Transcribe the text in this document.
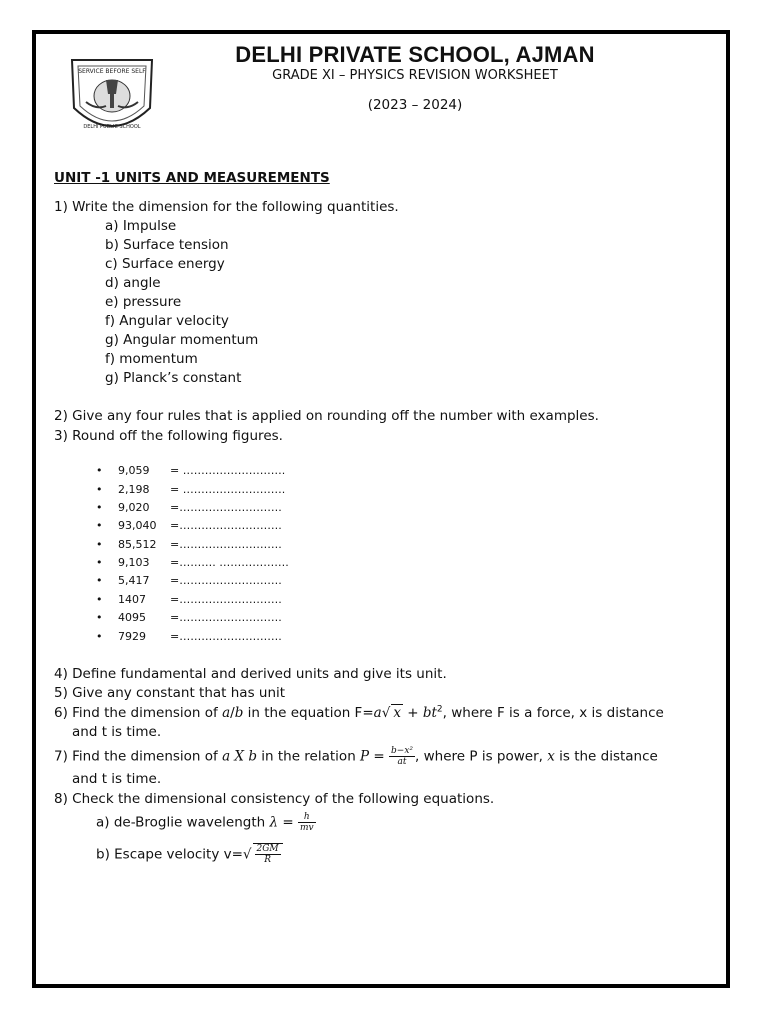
SERVICE BEFORE SELF
DELHI PUBLIC SCHOOL
DELHI PRIVATE SCHOOL, AJMAN
GRADE XI – PHYSICS REVISION WORKSHEET
(2023 – 2024)
UNIT -1 UNITS AND MEASUREMENTS
1) Write the dimension for the following quantities.
a) Impulse
b) Surface tension
c) Surface energy
d) angle
e) pressure
f) Angular velocity
g) Angular momentum
f) momentum
g) Planck’s constant
2) Give any four rules that is applied on rounding off the number with examples.
3) Round off the following figures.
• 9,059 = ……………………….
• 2,198 = ……………………….
• 9,020 =……………………….
• 93,040 =……………………….
• 85,512 =……………………….
• 9,103 =………. ……………….
• 5,417 =……………………….
• 1407 =……………………….
• 4095 =……………………….
• 7929 =……………………….
4) Define fundamental and derived units and give its unit.
5) Give any constant that has unit
6) Find the dimension of a/b in the equation F=a√ $x + bt^2$, where F is a force, x is distance
and t is time.
7) Find the dimension of a X b in the relation $P = \frac{\text{b−x²}}{at}$ , where P is power, x is the distance
and t is time.
8) Check the dimensional consistency of the following equations.
a) de-Broglie wavelength $\lambda = \frac{h}{mv}$
b) Escape velocity $v=√ \frac{2GM}{R}$
